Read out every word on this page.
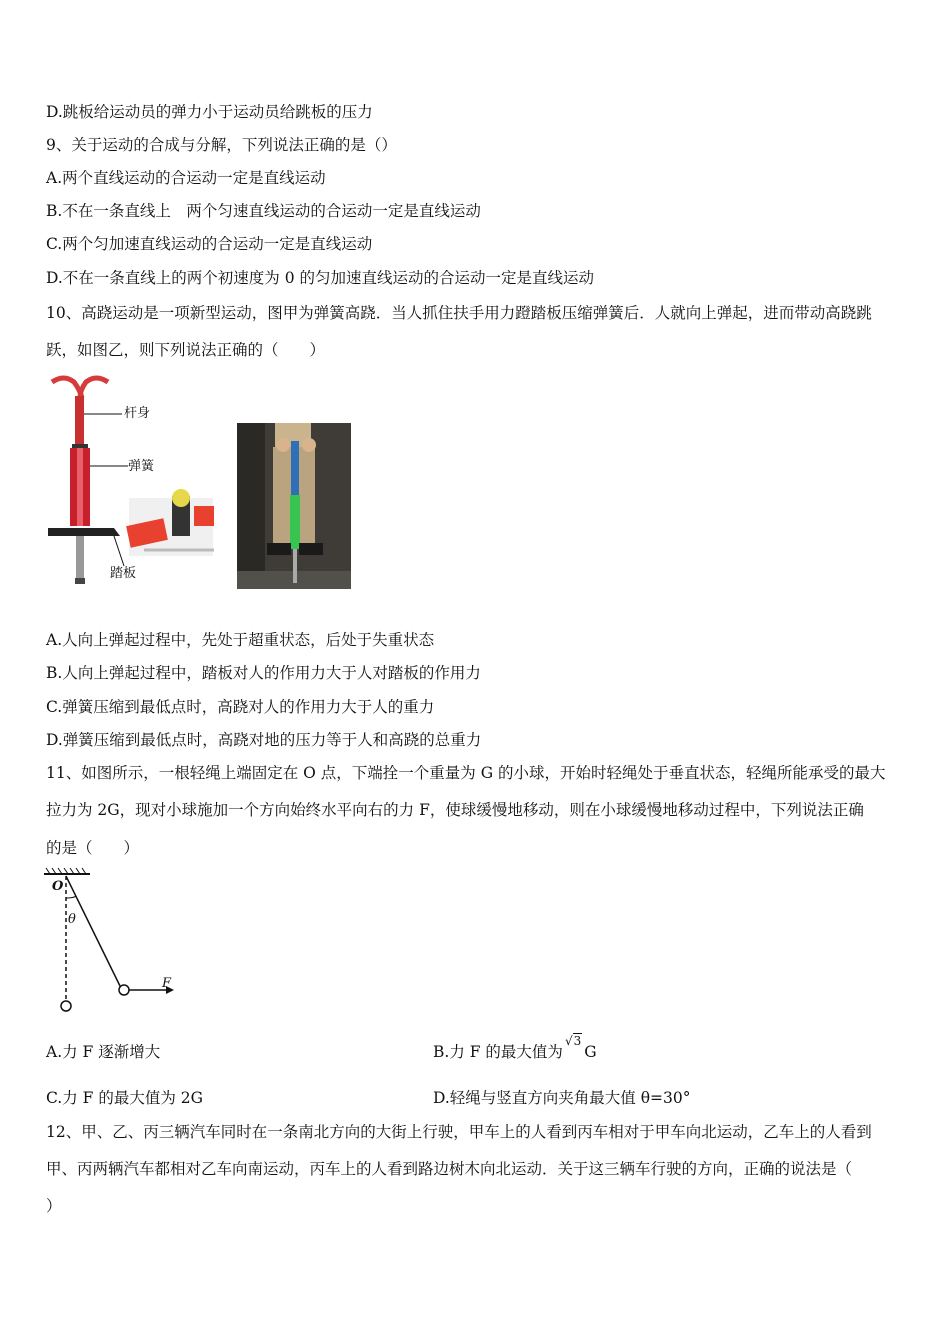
D.跳板给运动员的弹力小于运动员给跳板的压力
9、关于运动的合成与分解，下列说法正确的是（）
A.两个直线运动的合运动一定是直线运动
B.不在一条直线上　两个匀速直线运动的合运动一定是直线运动
C.两个匀加速直线运动的合运动一定是直线运动
D.不在一条直线上的两个初速度为 0 的匀加速直线运动的合运动一定是直线运动
10、高跷运动是一项新型运动，图甲为弹簧高跷．当人抓住扶手用力蹬踏板压缩弹簧后．人就向上弹起，进而带动高跷跳
跃，如图乙，则下列说法正确的（　　）
杆身
弹簧
踏板
A.人向上弹起过程中，先处于超重状态，后处于失重状态
B.人向上弹起过程中，踏板对人的作用力大于人对踏板的作用力
C.弹簧压缩到最低点时，高跷对人的作用力大于人的重力
D.弹簧压缩到最低点时，高跷对地的压力等于人和高跷的总重力
11、如图所示，一根轻绳上端固定在 O 点，下端拴一个重量为 G 的小球，开始时轻绳处于垂直状态，轻绳所能承受的最大
拉力为 2G，现对小球施加一个方向始终水平向右的力 F，使球缓慢地移动，则在小球缓慢地移动过程中，下列说法正确
的是（　　）
O
θ
F
A.力 F 逐渐增大	B.力 F 的最大值为√3G
C.力 F 的最大值为 2G	D.轻绳与竖直方向夹角最大值 θ=30°
12、甲、乙、丙三辆汽车同时在一条南北方向的大街上行驶，甲车上的人看到丙车相对于甲车向北运动，乙车上的人看到
甲、丙两辆汽车都相对乙车向南运动，丙车上的人看到路边树木向北运动．关于这三辆车行驶的方向，正确的说法是（
）
